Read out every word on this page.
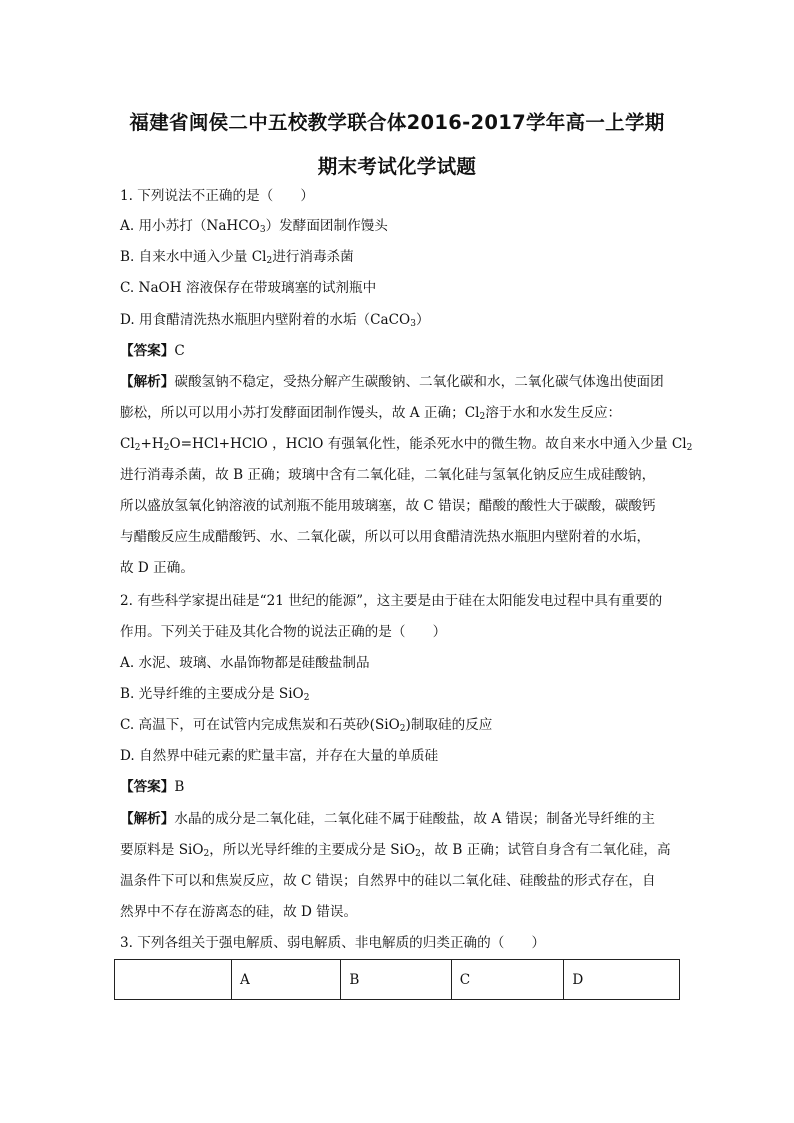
福建省闽侯二中五校教学联合体2016-2017学年高一上学期
期末考试化学试题
1. 下列说法不正确的是（　　）
A. 用小苏打（NaHCO$_3$）发酵面团制作馒头
B. 自来水中通入少量 $Cl_2$进行消毒杀菌
C. NaOH 溶液保存在带玻璃塞的试剂瓶中
D. 用食醋清洗热水瓶胆内壁附着的水垢（CaCO$_3$）
【答案】C
【解析】碳酸氢钠不稳定，受热分解产生碳酸钠、二氧化碳和水，二氧化碳气体逸出使面团
膨松，所以可以用小苏打发酵面团制作馒头，故 A 正确；$Cl_2$溶于水和水发生反应：
$Cl_2+H_2O=HCl+HClO$ ，HClO 有强氧化性，能杀死水中的微生物。故自来水中通入少量 $Cl_2$
进行消毒杀菌，故 B 正确；玻璃中含有二氧化硅，二氧化硅与氢氧化钠反应生成硅酸钠，
所以盛放氢氧化钠溶液的试剂瓶不能用玻璃塞，故 C 错误；醋酸的酸性大于碳酸，碳酸钙
与醋酸反应生成醋酸钙、水、二氧化碳，所以可以用食醋清洗热水瓶胆内壁附着的水垢，
故 D 正确。
2. 有些科学家提出硅是“21 世纪的能源”，这主要是由于硅在太阳能发电过程中具有重要的
作用。下列关于硅及其化合物的说法正确的是（　　）
A. 水泥、玻璃、水晶饰物都是硅酸盐制品
B. 光导纤维的主要成分是 SiO$_2$
C. 高温下，可在试管内完成焦炭和石英砂(SiO$_2$)制取硅的反应
D. 自然界中硅元素的贮量丰富，并存在大量的单质硅
【答案】B
【解析】水晶的成分是二氧化硅，二氧化硅不属于硅酸盐，故 A 错误；制备光导纤维的主
要原料是 SiO$_2$，所以光导纤维的主要成分是 SiO$_2$，故 B 正确；试管自身含有二氧化硅，高
温条件下可以和焦炭反应，故 C 错误；自然界中的硅以二氧化硅、硅酸盐的形式存在，自
然界中不存在游离态的硅，故 D 错误。
3. 下列各组关于强电解质、弱电解质、非电解质的归类正确的（　　）
	A	B	C	D
